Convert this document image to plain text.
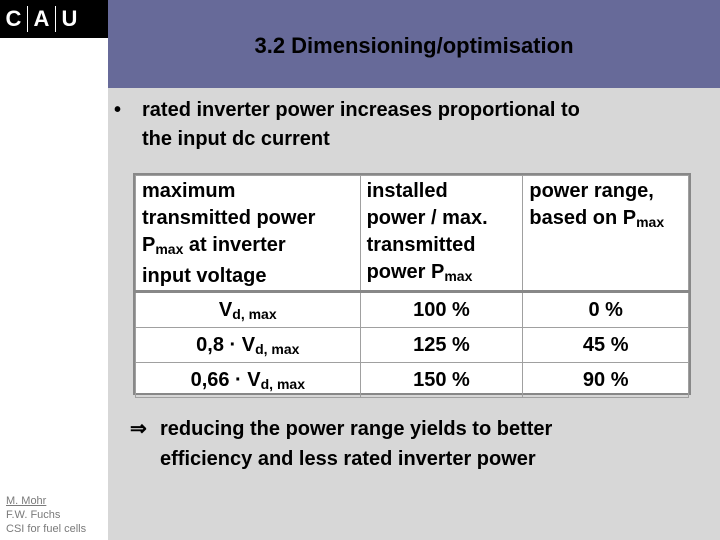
C A U
3.2 Dimensioning/optimisation
•	rated inverter power increases proportional to
the input dc current
maximum
transmitted power
$P_{max}$ at inverter
input voltage	installed
power / max.
transmitted
power $P_{max}$	power range,
based on $P_{max}$
$V_{d, max}$	100 %	0 %
$0,8 \cdot V_{d, max}$	125 %	45 %
$0,66 \cdot V_{d, max}$	150 %	90 %
⇒ reducing the power range yields to better
efficiency and less rated inverter power
M. Mohr
F.W. Fuchs
CSI for fuel cells
